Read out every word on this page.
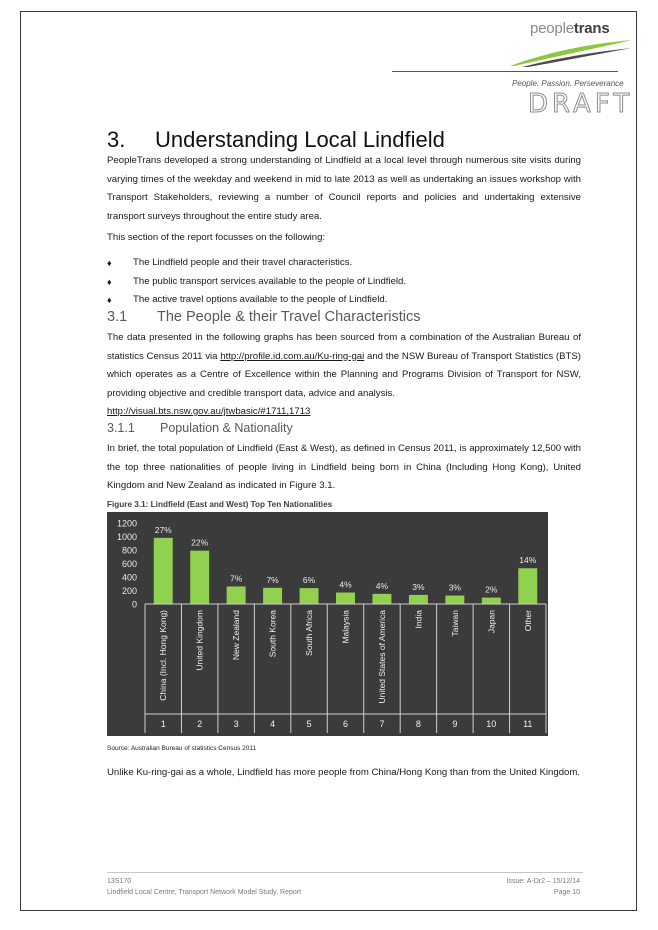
peopletrans
People. Passion. Perseverance
DRAFT
3. Understanding Local Lindfield
PeopleTrans developed a strong understanding of Lindfield at a local level through numerous site visits during varying times of the weekday and weekend in mid to late 2013 as well as undertaking an issues workshop with Transport Stakeholders, reviewing a number of Council reports and policies and undertaking extensive transport surveys throughout the entire study area.
This section of the report focusses on the following:
♦	The Lindfield people and their travel characteristics.
♦	The public transport services available to the people of Lindfield.
♦	The active travel options available to the people of Lindfield.
3.1 The People & their Travel Characteristics
The data presented in the following graphs has been sourced from a combination of the Australian Bureau of statistics Census 2011 via http://profile.id.com.au/Ku-ring-gai and the NSW Bureau of Transport Statistics (BTS) which operates as a Centre of Excellence within the Planning and Programs Division of Transport for NSW, providing objective and credible transport data, advice and analysis.
http://visual.bts.nsw.gov.au/jtwbasic/#1711,1713
3.1.1 Population & Nationality
In brief, the total population of Lindfield (East & West), as defined in Census 2011, is approximately 12,500 with the top three nationalities of people living in Lindfield being born in China (Including Hong Kong), United Kingdom and New Zealand as indicated in Figure 3.1.
Figure 3.1: Lindfield (East and West) Top Ten Nationalities
0
200
400
600
800
1000
1200
27%
22%
7%	7%	6%	4%	4%	3%	3%	2%
14%
China (Incl. Hong Kong)
1
United Kingdom
2
New Zealand
3
South Korea
4
South Africa
5
Malaysia
6
United States of America
7
India
8
Taiwan
9
Japan
10
Other
11
Source: Australian Bureau of statistics Census 2011
Unlike Ku-ring-gai as a whole, Lindfield has more people from China/Hong Kong than from the United Kingdom.
13S170
Lindfield Local Centre, Transport Network Model Study, Report
Issue: A-Dr2 – 15/12/14
Page 10
